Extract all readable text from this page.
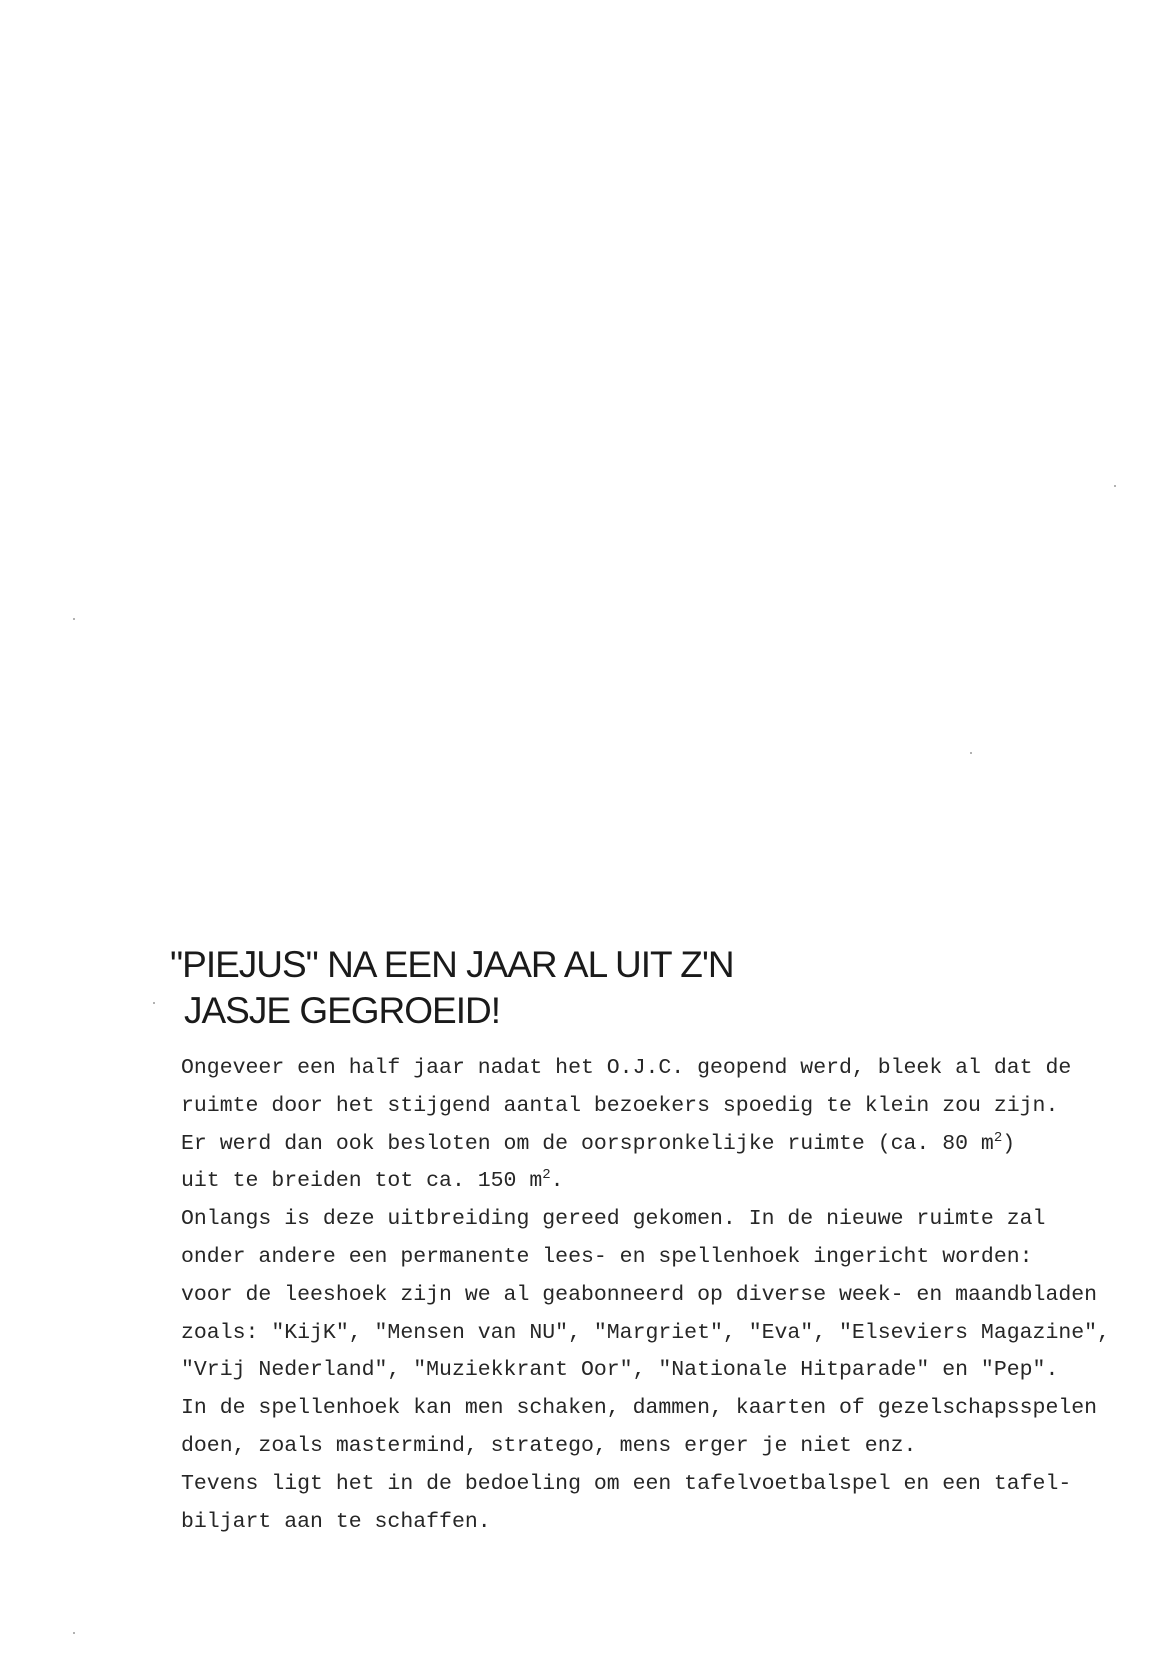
"PIEJUS" NA EEN JAAR AL UIT Z'N
JASJE GEGROEID!
Ongeveer een half jaar nadat het O.J.C. geopend werd, bleek al dat de
ruimte door het stijgend aantal bezoekers spoedig te klein zou zijn.
Er werd dan ook besloten om de oorspronkelijke ruimte (ca. 80 $m^2$)
uit te breiden tot ca. 150 $m^2$.
Onlangs is deze uitbreiding gereed gekomen. In de nieuwe ruimte zal
onder andere een permanente lees- en spellenhoek ingericht worden:
voor de leeshoek zijn we al geabonneerd op diverse week- en maandbladen
zoals: "KijK", "Mensen van NU", "Margriet", "Eva", "Elseviers Magazine",
"Vrij Nederland", "Muziekkrant Oor", "Nationale Hitparade" en "Pep".
In de spellenhoek kan men schaken, dammen, kaarten of gezelschapsspelen
doen, zoals mastermind, stratego, mens erger je niet enz.
Tevens ligt het in de bedoeling om een tafelvoetbalspel en een tafel-
biljart aan te schaffen.
